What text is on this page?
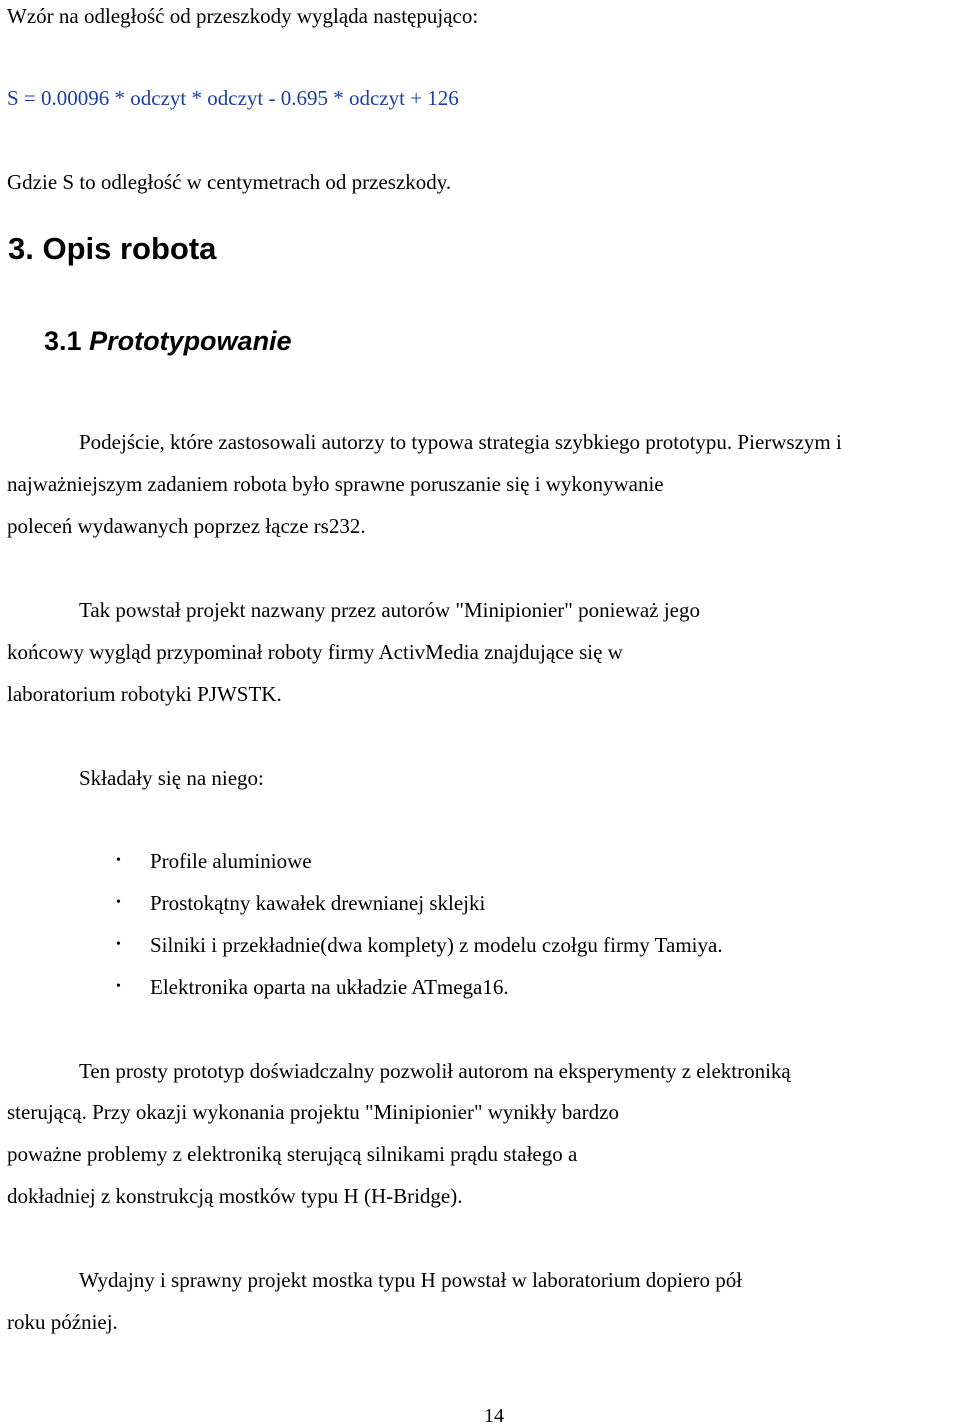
Wzór na odległość od przeszkody wygląda następująco:

S = 0.00096 * odczyt * odczyt - 0.695 * odczyt + 126

Gdzie S to odległość w centymetrach od przeszkody.

3. Opis robota
3.1 Prototypowanie

Podejście, które zastosowali autorzy to typowa strategia szybkiego prototypu. Pierwszym i

najważniejszym zadaniem robota było sprawne poruszanie się i wykonywanie

poleceń wydawanych poprzez łącze rs232.

Tak powstał projekt nazwany przez autorów "Minipionier" ponieważ jego

końcowy wygląd przypominał roboty firmy ActivMedia znajdujące się w

laboratorium robotyki PJWSTK.

Składały się na niego:

• Profile aluminiowe
• Prostokątny kawałek drewnianej sklejki
• Silniki i przekładnie(dwa komplety) z modelu czołgu firmy Tamiya.
• Elektronika oparta na układzie ATmega16.

Ten prosty prototyp doświadczalny pozwolił autorom na eksperymenty z elektroniką

sterującą. Przy okazji wykonania projektu "Minipionier" wynikły bardzo

poważne problemy z elektroniką sterującą silnikami prądu stałego a

dokładniej z konstrukcją mostków typu H (H-Bridge).

Wydajny i sprawny projekt mostka typu H powstał w laboratorium dopiero pół

roku później.

14
